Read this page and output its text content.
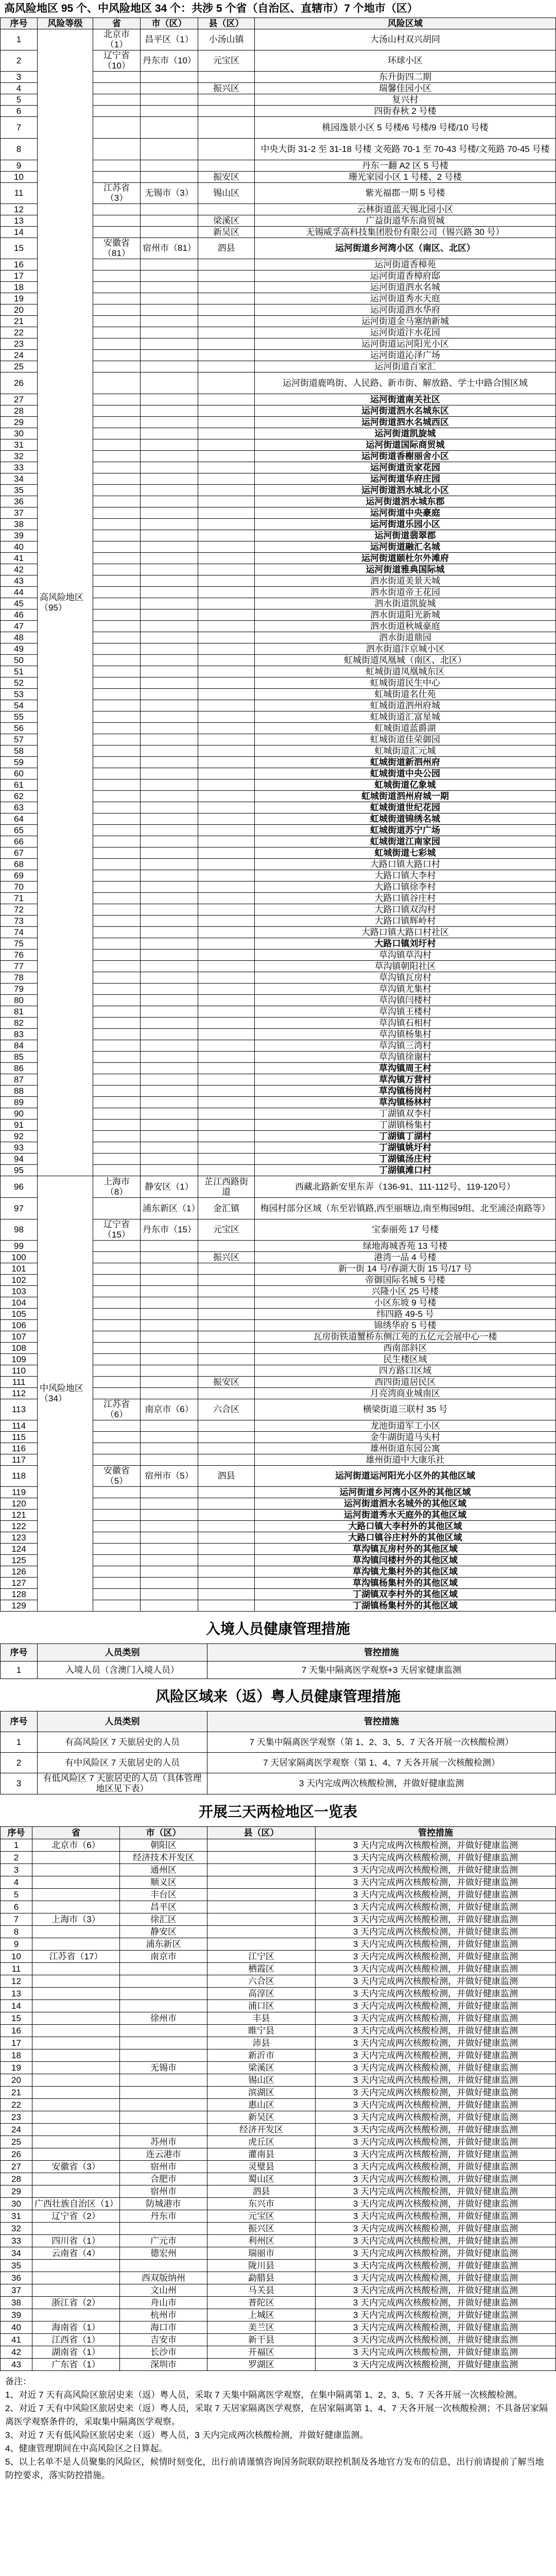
高风险地区 95 个、中风险地区 34 个：共涉 5 个省（自治区、直辖市）7 个地市（区）
序号	风险等级	省	市（区）	县（区）	风险区域
1	高风险地区（95）	北京市（1）	昌平区（1）	小汤山镇	大汤山村双兴胡同
2		辽宁省（10）	丹东市（10）	元宝区	环球小区
3					东升街四二期
4				振兴区	瑞馨佳园小区
5					复兴村
6					四街春秋 2 号楼
7					桃园逸景小区 5 号楼/6 号楼/9 号楼/10 号楼
8					中央大街 31-2 至 31-18 号楼 文苑路 70-1 至 70-43 号楼/文苑路 70-45 号楼
9					丹东一翻 A2 区 5 号楼
10				振安区	珊光家园小区 1 号楼、2 号楼
11		江苏省（3）	无锡市（3）	锡山区	紫光福郡一期 5 号楼
12					云林街道蓝天锡北园小区
13				梁溪区	广益街道华东商贸城
14				新吴区	无锡威孚高科技集团股份有限公司（锡兴路 30 号）
15		安徽省（81）	宿州市（81）	泗县	运河街道乡河湾小区（南区、北区）
16					运河街道香樟苑
17					运河街道香樟府邸
18					运河街道泗水名城
19					运河街道秀水天庭
20					运河街道泗水华府
21					运河街道金马塞纳新城
22					运河街道汴水花园
23					运河街道运河阳光小区
24					运河街道沁泽广场
25					运河街道百家汇
26					运河街道鹿鸣街、人民路、新市街、解放路、学士中路合围区域
27					运河街道南关社区
28					运河街道泗水名城东区
29					运河街道泗水名城西区
30					运河街道凯旋城
31					运河街道国际商贸城
32					运河街道香榭丽舍小区
33					运河街道贡家花园
34					运河街道华府庄园
35					运河街道泗水城北小区
36					运河街道泗水城东郡
37					运河街道中央豪庭
38					运河街道乐园小区
39					运河街道翡翠郡
40					运河街道融汇名城
41					运河街道颐杜尔外滩府
42					运河街道雅典国际城
43					泗水街道美景天城
44					泗水街道帝王花园
45					泗水街道凯旋城
46					泗水街道阳光新城
47					泗水街道秋城豪庭
48					泗水街道鼎园
49					泗水街道汴京城小区
50					虹城街道凤凰城（南区、北区）
51					虹城街道凤凰城东区
52					虹城街道民生中心
53					虹城街道名仕苑
54					虹城街道泗州府城
55					虹城街道汇富星城
56					虹城街道蓝爵湖
57					虹城街道佳荣御园
58					虹城街道汇元城
59					虹城街道新泗州府
60					虹城街道中央公园
61					虹城街道亿象城
62					虹城街道泗州府城一期
63					虹城街道世纪花园
64					虹城街道锦绣名城
65					虹城街道苏宁广场
66					虹城街道江南家园
67					虹城街道七彩城
68					大路口镇大路口村
69					大路口镇大李村
70					大路口镇徐李村
71					大路口镇谷庄村
72					大路口镇双沟村
73					大路口镇辉岭村
74					大路口镇大路口村社区
75					大路口镇刘圩村
76					草沟镇草沟村
77					草沟镇朝阳社区
78					草沟镇瓦房村
79					草沟镇尤集村
80					草沟镇闫楼村
81					草沟镇王楼村
82					草沟镇石相村
83					草沟镇杨集村
84					草沟镇三湾村
85					草沟镇徐谢村
86					草沟镇周王村
87					草沟镇万营村
88					草沟镇杨岗村
89					草沟镇杨林村
90					丁湖镇双李村
91					丁湖镇杨集村
92					丁湖镇丁湖村
93					丁湖镇姚圩村
94					丁湖镇汤庄村
95					丁湖镇滩口村
96	中风险地区（34）	上海市（8）	静安区（1）	芷江西路街道	西藏北路新安里东弄（136-91、111-112号、119-120号）
97			浦东新区（1）	金汇镇	梅园村部分区域（东至岩镇路,西至丽塘边,南至梅园9组、北至浦泾南路等）
98		辽宁省（15）	丹东市（15）	元宝区	宝泰丽苑 17 号楼
99					绿地海城香苑 13 号楼
100				振兴区	港湾一品 4 号楼
101					新一街 14 号/春湖大街 15 号/17 号
102					帝御国际名城 5 号楼
103					兴隆小区 25 号楼
104					小区东坡 9 号楼
105					纬四路 49-5 号
106					锦绣华府 5 号楼
107					瓦房街铁道蟹桥东侧江苑的五亿元会展中心一楼
108					西南部斜区
109					民生楼区域
110					四方路口区域
111				振安区	西四街道居民区
112					月亮湾商业城南区
113		江苏省（6）	南京市（6）	六合区	横梁街道三联村 35 号
114					龙池街道军工小区
115					金牛湖街道马头村
116					雄州街道东园公寓
117					雄州街道中大康乐社
118		安徽省（5）	宿州市（5）	泗县	运河街道运河阳光小区外的其他区域
119					运河街道乡河湾小区外的其他区域
120					运河街道泗水名城外的其他区域
121					运河街道秀水天庭外的其他区域
122					大路口镇大李村外的其他区域
123					大路口镇谷庄村外的其他区域
124					草沟镇瓦房村外的其他区域
125					草沟镇闫楼村外的其他区域
126					草沟镇尤集村外的其他区域
127					草沟镇杨集村外的其他区域
128					丁湖镇双李村外的其他区域
129					丁湖镇杨集村外的其他区域
入境人员健康管理措施
序号	人员类别	管控措施
1	入境人员（含澳门入境人员）	7 天集中隔离医学观察+3 天居家健康监测
风险区域来（返）粤人员健康管理措施
序号	人员类别	管控措施
1	有高风险区 7 天旅居史的人员	7 天集中隔离医学观察（第 1、2、3、5、7 天各开展一次核酸检测）
2	有中风险区 7 天旅居史的人员	7 天居家隔离医学观察（第 1、4、7 天各开展一次核酸检测）
3	有低风险区 7 天旅居史的人员（具体管理地区见下表）	3 天内完成两次核酸检测，并做好健康监测
开展三天两检地区一览表
序号	省	市（区）	县（区）	管控措施
1	北京市（6）	朝阳区		3 天内完成两次核酸检测，并做好健康监测
2		经济技术开发区		3 天内完成两次核酸检测，并做好健康监测
3		通州区		3 天内完成两次核酸检测，并做好健康监测
4		顺义区		3 天内完成两次核酸检测，并做好健康监测
5		丰台区		3 天内完成两次核酸检测，并做好健康监测
6		昌平区		3 天内完成两次核酸检测，并做好健康监测
7	上海市（3）	徐汇区		3 天内完成两次核酸检测，并做好健康监测
8		静安区		3 天内完成两次核酸检测，并做好健康监测
9		浦东新区		3 天内完成两次核酸检测，并做好健康监测
10	江苏省（17）	南京市	江宁区	3 天内完成两次核酸检测，并做好健康监测
11			栖霞区	3 天内完成两次核酸检测，并做好健康监测
12			六合区	3 天内完成两次核酸检测，并做好健康监测
13			高淳区	3 天内完成两次核酸检测，并做好健康监测
14			浦口区	3 天内完成两次核酸检测，并做好健康监测
15		徐州市	丰县	3 天内完成两次核酸检测，并做好健康监测
16			睢宁县	3 天内完成两次核酸检测，并做好健康监测
17			沛县	3 天内完成两次核酸检测，并做好健康监测
18			新沂市	3 天内完成两次核酸检测，并做好健康监测
19		无锡市	梁溪区	3 天内完成两次核酸检测，并做好健康监测
20			锡山区	3 天内完成两次核酸检测，并做好健康监测
21			滨湖区	3 天内完成两次核酸检测，并做好健康监测
22			惠山区	3 天内完成两次核酸检测，并做好健康监测
23			新吴区	3 天内完成两次核酸检测，并做好健康监测
24			经济开发区	3 天内完成两次核酸检测，并做好健康监测
25		苏州市	虎丘区	3 天内完成两次核酸检测，并做好健康监测
26		连云港市	灌南县	3 天内完成两次核酸检测，并做好健康监测
27	安徽省（3）	宿州市	灵璧县	3 天内完成两次核酸检测，并做好健康监测
28		合肥市	蜀山区	3 天内完成两次核酸检测，并做好健康监测
29		宿州市	泗县	3 天内完成两次核酸检测，并做好健康监测
30	广西壮族自治区（1）	防城港市	东兴市	3 天内完成两次核酸检测，并做好健康监测
31	辽宁省（2）	丹东市	元宝区	3 天内完成两次核酸检测，并做好健康监测
32			振兴区	3 天内完成两次核酸检测，并做好健康监测
33	四川省（1）	广元市	利州区	3 天内完成两次核酸检测，并做好健康监测
34	云南省（4）	德宏州	瑞丽市	3 天内完成两次核酸检测，并做好健康监测
35			陇川县	3 天内完成两次核酸检测，并做好健康监测
36		西双版纳州	勐腊县	3 天内完成两次核酸检测，并做好健康监测
37		文山州	马关县	3 天内完成两次核酸检测，并做好健康监测
38	浙江省（2）	舟山市	普陀区	3 天内完成两次核酸检测，并做好健康监测
39		杭州市	上城区	3 天内完成两次核酸检测，并做好健康监测
40	海南省（1）	海口市	美兰区	3 天内完成两次核酸检测，并做好健康监测
41	江西省（1）	吉安市	新干县	3 天内完成两次核酸检测，并做好健康监测
42	湖南省（1）	长沙市	开福区	3 天内完成两次核酸检测，并做好健康监测
43	广东省（1）	深圳市	罗湖区	3 天内完成两次核酸检测，并做好健康监测
备注：
1、对近 7 天有高风险区旅居史来（返）粤人员，采取 7 天集中隔离医学观察，在集中隔离第 1、2、3、5、7 天各开展一次核酸检测。
2、对近 7 天有中风险区旅居史来（返）粤人员，采取 7 天居家隔离医学观察，在居家隔离第 1、4、7 天各开展一次核酸检测；不具备居家隔离医学观察条件的，采取集中隔离医学观察。
3、对近 7 天有低风险区旅居史来（返）粤人员，3 天内完成两次核酸检测，并做好健康监测。
4、健康管理期间在中高风险区之日算起。
5、以上名单不是人员聚集的风险区，候情时刻变化，出行前请谨慎咨询国务院联防联控机制及各地官方发布的信息，出行前请提前了解当地防控要求，落实防控措施。
